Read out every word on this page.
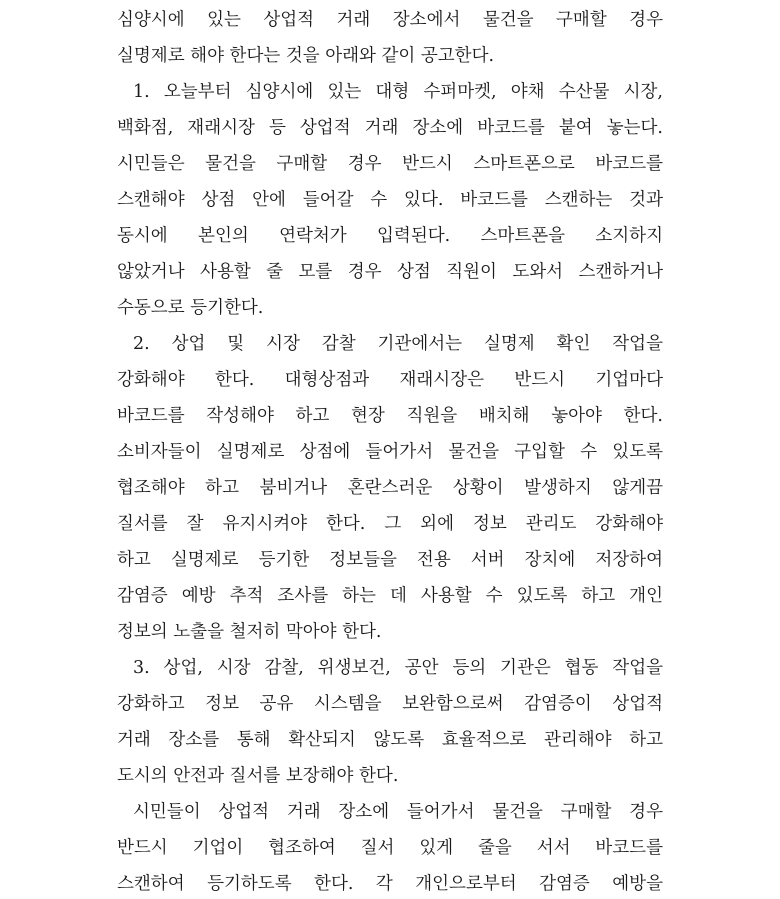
심양시에 있는 상업적 거래 장소에서 물건을 구매할 경우
실명제로 해야 한다는 것을 아래와 같이 공고한다.
1. 오늘부터 심양시에 있는 대형 수퍼마켓, 야채 수산물 시장,
백화점, 재래시장 등 상업적 거래 장소에 바코드를 붙여 놓는다.
시민들은 물건을 구매할 경우 반드시 스마트폰으로 바코드를
스캔해야 상점 안에 들어갈 수 있다. 바코드를 스캔하는 것과
동시에 본인의 연락처가 입력된다. 스마트폰을 소지하지
않았거나 사용할 줄 모를 경우 상점 직원이 도와서 스캔하거나
수동으로 등기한다.
2. 상업 및 시장 감찰 기관에서는 실명제 확인 작업을
강화해야 한다. 대형상점과 재래시장은 반드시 기업마다
바코드를 작성해야 하고 현장 직원을 배치해 놓아야 한다.
소비자들이 실명제로 상점에 들어가서 물건을 구입할 수 있도록
협조해야 하고 붐비거나 혼란스러운 상황이 발생하지 않게끔
질서를 잘 유지시켜야 한다. 그 외에 정보 관리도 강화해야
하고 실명제로 등기한 정보들을 전용 서버 장치에 저장하여
감염증 예방 추적 조사를 하는 데 사용할 수 있도록 하고 개인
정보의 노출을 철저히 막아야 한다.
3. 상업, 시장 감찰, 위생보건, 공안 등의 기관은 협동 작업을
강화하고 정보 공유 시스템을 보완함으로써 감염증이 상업적
거래 장소를 통해 확산되지 않도록 효율적으로 관리해야 하고
도시의 안전과 질서를 보장해야 한다.
시민들이 상업적 거래 장소에 들어가서 물건을 구매할 경우
반드시 기업이 협조하여 질서 있게 줄을 서서 바코드를
스캔하여 등기하도록 한다. 각 개인으로부터 감염증 예방을
